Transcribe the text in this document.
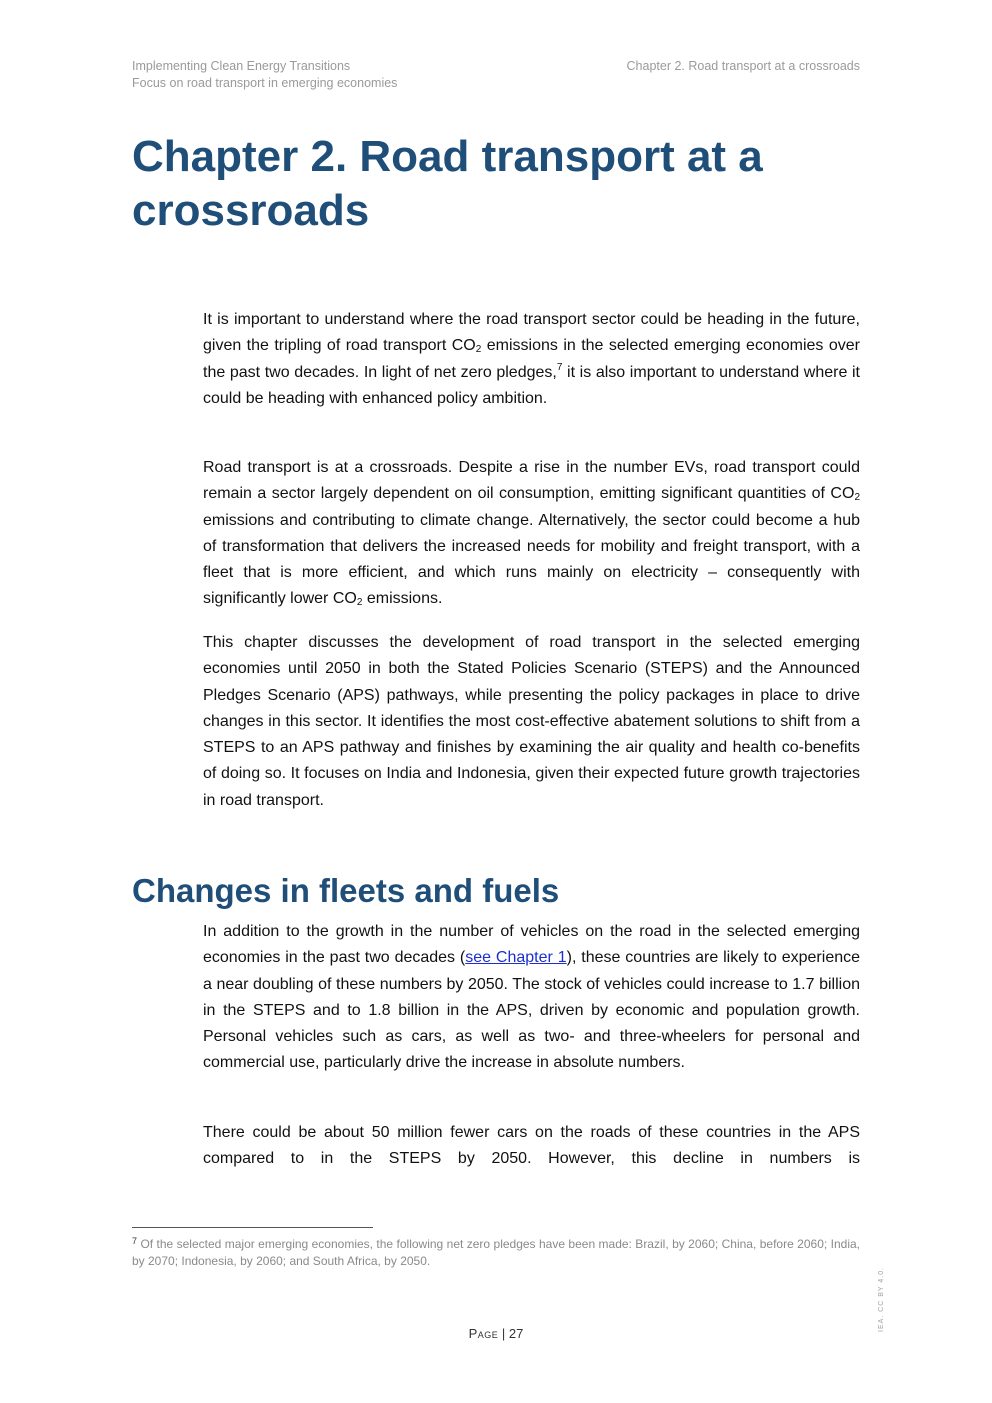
Implementing Clean Energy Transitions
Focus on road transport in emerging economies
Chapter 2. Road transport at a crossroads
Chapter 2. Road transport at a crossroads

It is important to understand where the road transport sector could be heading in the future, given the tripling of road transport $CO_2$ emissions in the selected emerging economies over the past two decades. In light of net zero pledges,$^7$ it is also important to understand where it could be heading with enhanced policy ambition.

Road transport is at a crossroads. Despite a rise in the number EVs, road transport could remain a sector largely dependent on oil consumption, emitting significant quantities of $CO_2$ emissions and contributing to climate change. Alternatively, the sector could become a hub of transformation that delivers the increased needs for mobility and freight transport, with a fleet that is more efficient, and which runs mainly on electricity – consequently with significantly lower $CO_2$ emissions.

This chapter discusses the development of road transport in the selected emerging economies until 2050 in both the Stated Policies Scenario (STEPS) and the Announced Pledges Scenario (APS) pathways, while presenting the policy packages in place to drive changes in this sector. It identifies the most cost-effective abatement solutions to shift from a STEPS to an APS pathway and finishes by examining the air quality and health co-benefits of doing so. It focuses on India and Indonesia, given their expected future growth trajectories in road transport.

Changes in fleets and fuels

In addition to the growth in the number of vehicles on the road in the selected emerging economies in the past two decades (see Chapter 1), these countries are likely to experience a near doubling of these numbers by 2050. The stock of vehicles could increase to 1.7 billion in the STEPS and to 1.8 billion in the APS, driven by economic and population growth. Personal vehicles such as cars, as well as two- and three-wheelers for personal and commercial use, particularly drive the increase in absolute numbers.

There could be about 50 million fewer cars on the roads of these countries in the APS compared to in the STEPS by 2050. However, this decline in numbers is

$^7$ Of the selected major emerging economies, the following net zero pledges have been made: Brazil, by 2060; China, before 2060; India, by 2070; Indonesia, by 2060; and South Africa, by 2050.
IEA. CC BY 4.0.
Page | 27
